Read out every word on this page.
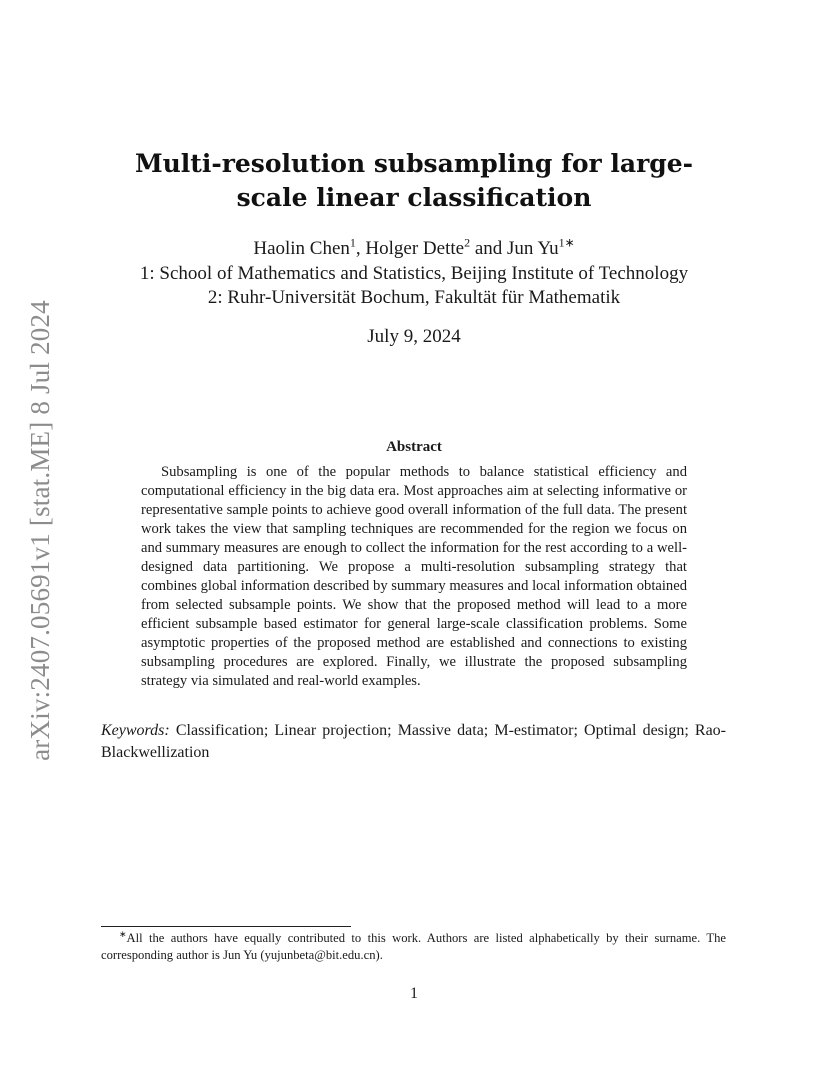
arXiv:2407.05691v1 [stat.ME] 8 Jul 2024
Multi-resolution subsampling for large-scale linear classification
Haolin Chen$^1$, Holger Dette$^2$ and Jun $Yu^{1∗}$
1: School of Mathematics and Statistics, Beijing Institute of Technology
2: Ruhr-Universität Bochum, Fakultät für Mathematik
July 9, 2024
Abstract

Subsampling is one of the popular methods to balance statistical efficiency and computational efficiency in the big data era. Most approaches aim at selecting informative or representative sample points to achieve good overall information of the full data. The present work takes the view that sampling techniques are recommended for the region we focus on and summary measures are enough to collect the information for the rest according to a well-designed data partitioning. We propose a multi-resolution subsampling strategy that combines global information described by summary measures and local information obtained from selected subsample points. We show that the proposed method will lead to a more efficient subsample based estimator for general large-scale classification problems. Some asymptotic properties of the proposed method are established and connections to existing subsampling procedures are explored. Finally, we illustrate the proposed subsampling strategy via simulated and real-world examples.

Keywords: Classification; Linear projection; Massive data; M-estimator; Optimal design; Rao-Blackwellization

∗All the authors have equally contributed to this work. Authors are listed alphabetically by their surname. The corresponding author is Jun Yu (yujunbeta@bit.edu.cn).

1
